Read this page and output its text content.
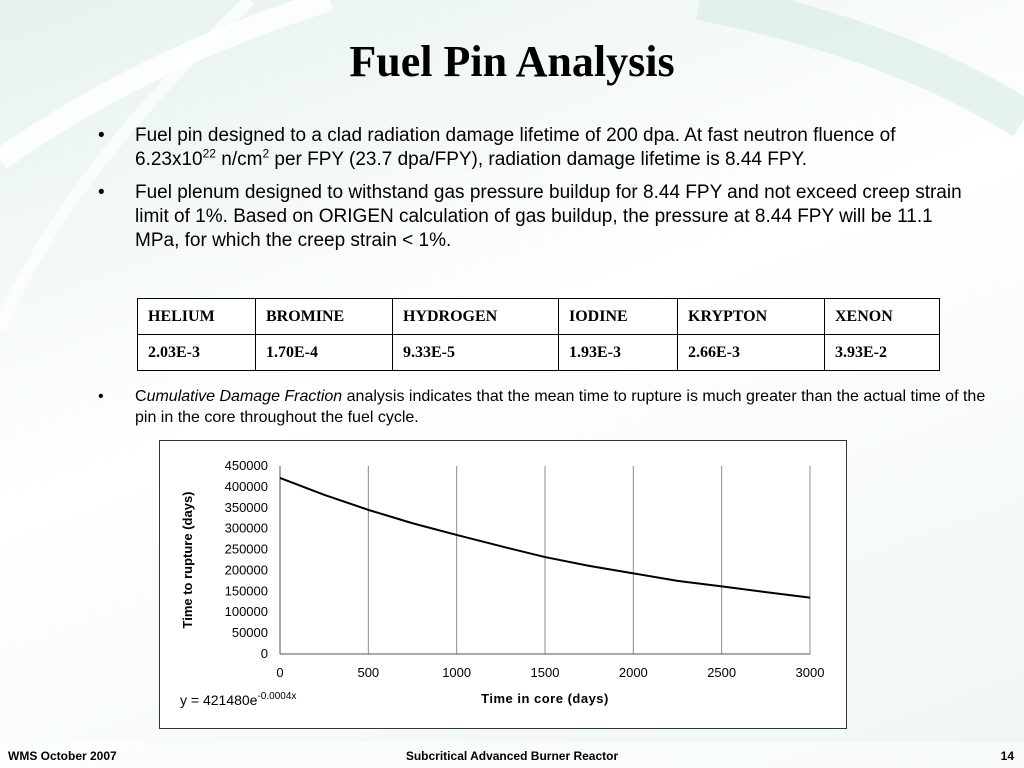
Fuel Pin Analysis
• Fuel pin designed to a clad radiation damage lifetime of 200 dpa. At fast neutron fluence of $6.23x10^{22}$ $n/cm^2$ per FPY (23.7 dpa/FPY), radiation damage lifetime is 8.44 FPY.
• Fuel plenum designed to withstand gas pressure buildup for 8.44 FPY and not exceed creep strain limit of 1%. Based on ORIGEN calculation of gas buildup, the pressure at 8.44 FPY will be 11.1 MPa, for which the creep strain < 1%.
HELIUM	BROMINE	HYDROGEN	IODINE	KRYPTON	XENON
2.03E-3	1.70E-4	9.33E-5	1.93E-3	2.66E-3	3.93E-2
• Cumulative Damage Fraction analysis indicates that the mean time to rupture is much greater than the actual time of the pin in the core throughout the fuel cycle.
0	500	1000	1500	2000	2500	3000
0
50000
100000
150000
200000
250000
300000
350000
400000
450000
Time in core (days)
Time to rupture (days)
$y = 421480e^{-0.0004x}$
WMS October 2007	Subcritical Advanced Burner Reactor	14
